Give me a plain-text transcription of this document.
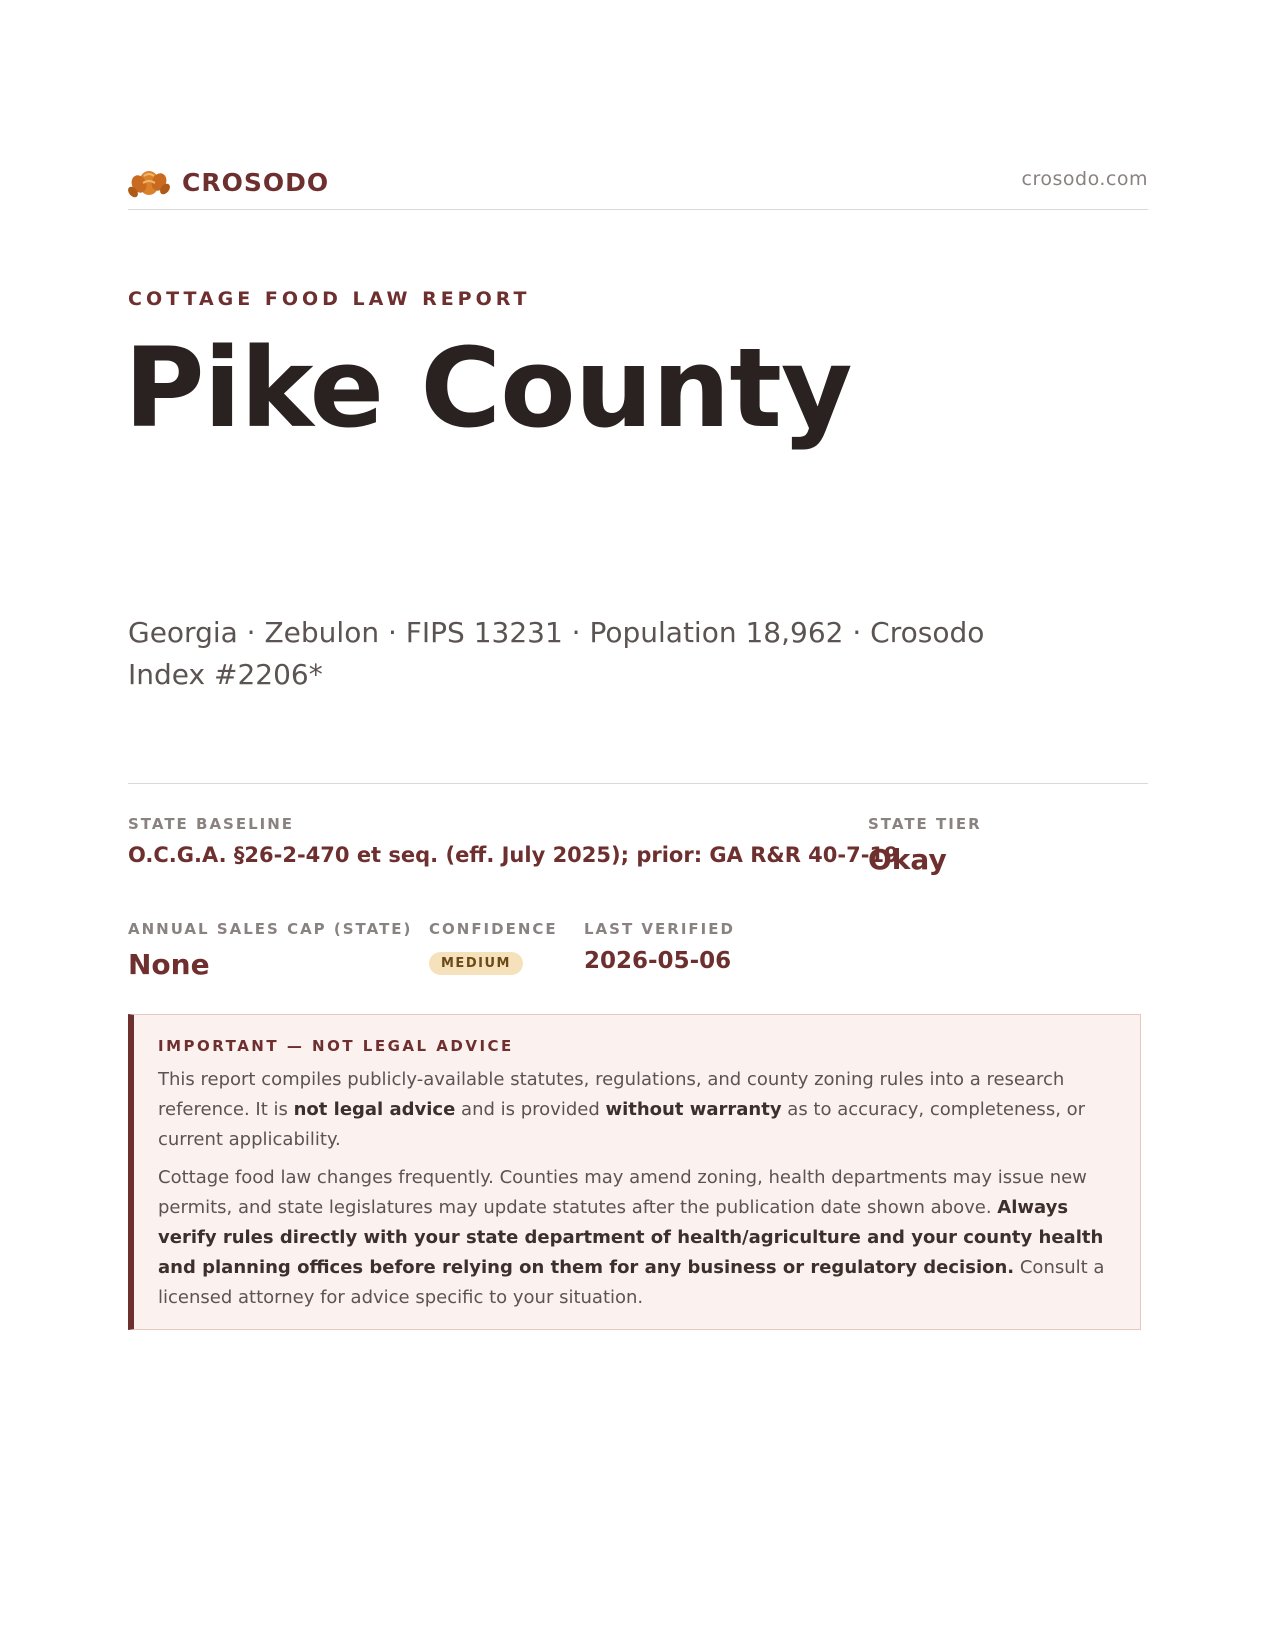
CROSODO	crosodo.com
COTTAGE FOOD LAW REPORT
Pike County
Georgia · Zebulon · FIPS 13231 · Population 18,962 · Crosodo Index #2206*
STATE BASELINE
O.C.G.A. §26-2-470 et seq. (eff. July 2025); prior: GA R&R 40-7-19
STATE TIER
Okay
ANNUAL SALES CAP (STATE)
None
CONFIDENCE
MEDIUM
LAST VERIFIED
2026-05-06
IMPORTANT — NOT LEGAL ADVICE

This report compiles publicly-available statutes, regulations, and county zoning rules into a research reference. It is not legal advice and is provided without warranty as to accuracy, completeness, or current applicability.

Cottage food law changes frequently. Counties may amend zoning, health departments may issue new permits, and state legislatures may update statutes after the publication date shown above. Always verify rules directly with your state department of health/agriculture and your county health and planning offices before relying on them for any business or regulatory decision. Consult a licensed attorney for advice specific to your situation.
